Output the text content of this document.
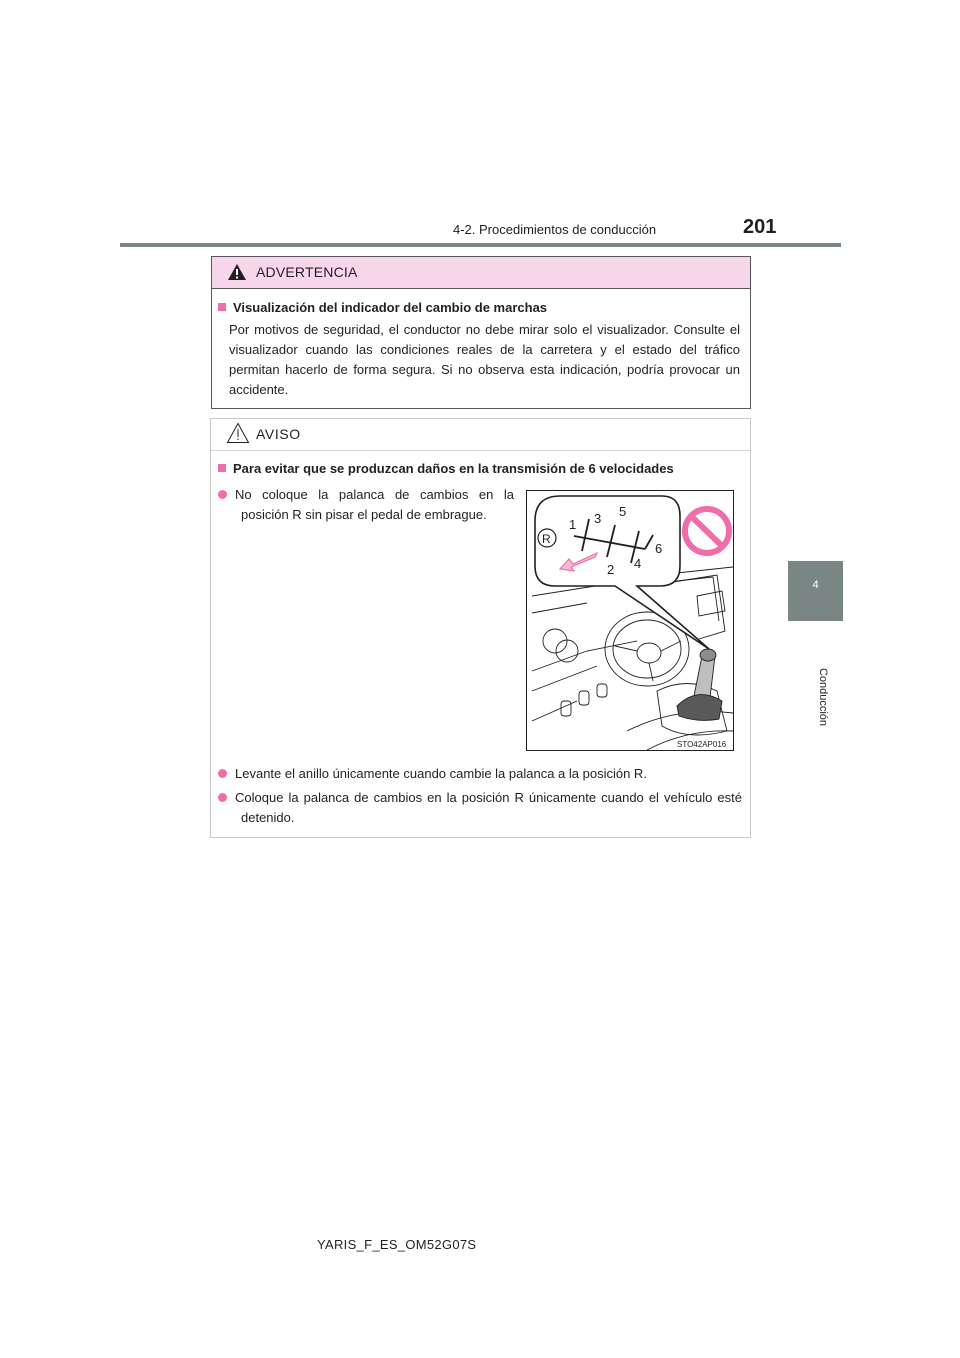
4-2. Procedimientos de conducción	201
4
Conducción
ADVERTENCIA
Visualización del indicador del cambio de marchas
Por motivos de seguridad, el conductor no debe mirar solo el visualizador. Consulte el visualizador cuando las condiciones reales de la carretera y el estado del tráfico permitan hacerlo de forma segura. Si no observa esta indicación, podría provocar un accidente.
AVISO
Para evitar que se produzcan daños en la transmisión de 6 velocidades
No coloque la palanca de cambios en la posición R sin pisar el pedal de embrague.
Levante el anillo únicamente cuando cambie la palanca a la posición R.
Coloque la palanca de cambios en la posición R únicamente cuando el vehículo esté detenido.
R
1
2
3
4
5
6
STO42AP016
YARIS_F_ES_OM52G07S
